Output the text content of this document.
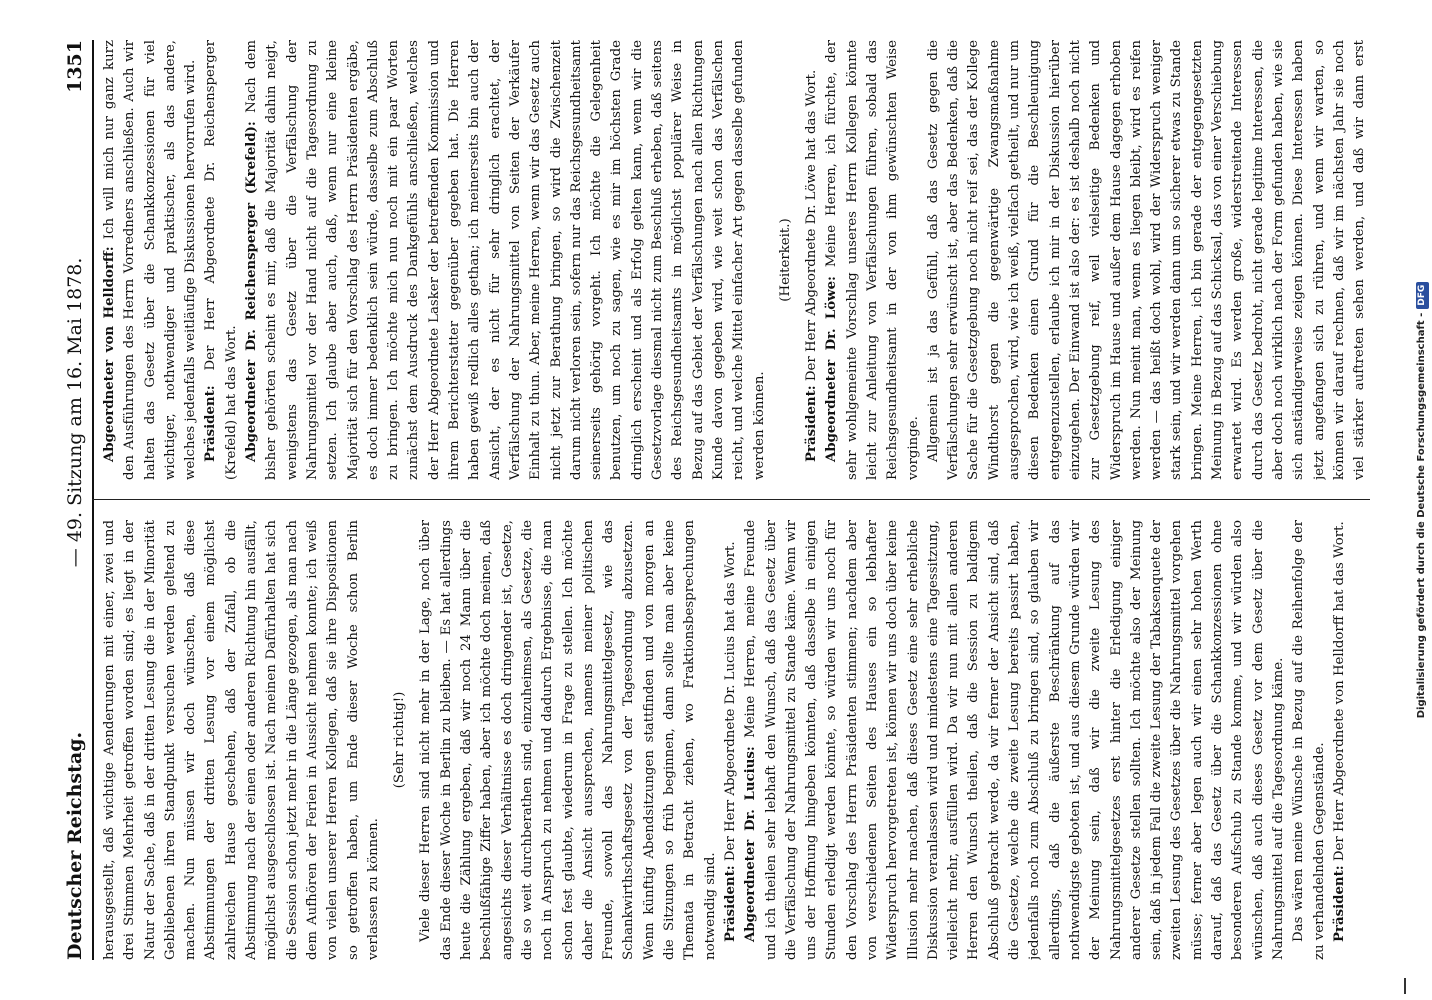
Deutscher Reichstag.
— 49. Sitzung am 16. Mai 1878.
1351

herausgestellt, daß wichtige Aenderungen mit einer, zwei und drei Stimmen Mehrheit getroffen worden sind; es liegt in der Natur der Sache, daß in der dritten Lesung die in der Minorität Gebliebenen ihren Standpunkt versuchen werden geltend zu machen. Nun müssen wir doch wünschen, daß diese Abstimmungen der dritten Lesung vor einem möglichst zahlreichen Hause geschehen, daß der Zufall, ob die Abstimmung nach der einen oder anderen Richtung hin ausfällt, möglichst ausgeschlossen ist. Nach meinen Dafürhalten hat sich die Session schon jetzt mehr in die Länge gezogen, als man nach dem Aufhören der Ferien in Aussicht nehmen konnte; ich weiß von vielen unserer Herren Kollegen, daß sie ihre Dispositionen so getroffen haben, um Ende dieser Woche schon Berlin verlassen zu können.

(Sehr richtig!) Viele dieser Herren sind nicht mehr in der Lage, noch über das Ende dieser Woche in Berlin zu bleiben. — Es hat allerdings heute die Zählung ergeben, daß wir noch 24 Mann über die beschlußfähige Ziffer haben, aber ich möchte doch meinen, daß angesichts dieser Verhältnisse es doch dringender ist, Gesetze, die so weit durchberathen sind, einzuheimsen, als Gesetze, die noch in Anspruch zu nehmen und dadurch Ergebnisse, die man schon fest glaubte, wiederum in Frage zu stellen. Ich möchte daher die Ansicht aussprechen, namens meiner politischen Freunde, sowohl das Nahrungsmittelgesetz, wie das Schankwirthschaftsgesetz von der Tagesordnung abzusetzen. Wenn künftig Abendsitzungen stattfinden und von morgen an die Sitzungen so früh beginnen, dann sollte man aber keine Themata in Betracht ziehen, wo Fraktionsbesprechungen notwendig sind. Präsident: Der Herr Abgeordnete Dr. Lucius hat das Wort. Abgeordneter Dr. Lucius: Meine Herren, meine Freunde und ich theilen sehr lebhaft den Wunsch, daß das Gesetz über die Verfälschung der Nahrungsmittel zu Stande käme. Wenn wir uns der Hoffnung hingeben könnten, daß dasselbe in einigen Stunden erledigt werden könnte, so würden wir uns noch für den Vorschlag des Herrn Präsidenten stimmen; nachdem aber von verschiedenen Seiten des Hauses ein so lebhafter Widerspruch hervorgetreten ist, können wir uns doch über keine Illusion mehr machen, daß dieses Gesetz eine sehr erhebliche Diskussion veranlassen wird und mindestens eine Tagessitzung, vielleicht mehr, ausfüllen wird. Da wir nun mit allen anderen Herren den Wunsch theilen, daß die Session zu baldigem Abschluß gebracht werde, da wir ferner der Ansicht sind, daß die Gesetze, welche die zweite Lesung bereits passirt haben, jedenfalls noch zum Abschluß zu bringen sind, so glauben wir allerdings, daß die äußerste Beschränkung auf das nothwendigste geboten ist, und aus diesem Grunde würden wir der Meinung sein, daß wir die zweite Lesung des Nahrungsmittelgesetzes erst hinter die Erledigung einiger anderer Gesetze stellen sollten. Ich möchte also der Meinung sein, daß in jedem Fall die zweite Lesung der Tabaksenquete der zweiten Lesung des Gesetzes über die Nahrungsmittel vorgehen müsse; ferner aber legen auch wir einen sehr hohen Werth darauf, daß das Gesetz über die Schankkonzessionen ohne besonderen Aufschub zu Stande komme, und wir würden also wünschen, daß auch dieses Gesetz vor dem Gesetz über die Nahrungsmittel auf die Tagesordnung käme. Das wären meine Wünsche in Bezug auf die Reihenfolge der zu verhandelnden Gegenstände. Präsident: Der Herr Abgeordnete von Helldorff hat das Wort.

Abgeordneter von Helldorff: Ich will mich nur ganz kurz den Ausführungen des Herrn Vorredners anschließen. Auch wir halten das Gesetz über die Schankkonzessionen für viel wichtiger, nothwendiger und praktischer, als das andere, welches jedenfalls weitläufige Diskussionen hervorrufen wird. Präsident: Der Herr Abgeordnete Dr. Reichensperger (Krefeld) hat das Wort. Abgeordneter Dr. Reichensperger (Krefeld): Nach dem bisher gehörten scheint es mir, daß die Majorität dahin neigt, wenigstens das Gesetz über die Verfälschung der Nahrungsmittel vor der Hand nicht auf die Tagesordnung zu setzen. Ich glaube aber auch, daß, wenn nur eine kleine Majorität sich für den Vorschlag des Herrn Präsidenten ergäbe, es doch immer bedenklich sein würde, dasselbe zum Abschluß zu bringen. Ich möchte mich nun noch mit ein paar Worten zunächst dem Ausdruck des Dankgefühls anschließen, welches der Herr Abgeordnete Lasker der betreffenden Kommission und ihrem Berichterstatter gegenüber gegeben hat. Die Herren haben gewiß redlich alles gethan; ich meinerseits bin auch der Ansicht, der es nicht für sehr dringlich erachtet, der Verfälschung der Nahrungsmittel von Seiten der Verkäufer Einhalt zu thun. Aber, meine Herren, wenn wir das Gesetz auch nicht jetzt zur Berathung bringen, so wird die Zwischenzeit darum nicht verloren sein, sofern nur das Reichsgesundheitsamt seinerseits gehörig vorgeht. Ich möchte die Gelegenheit benutzen, um noch zu sagen, wie es mir im höchsten Grade dringlich erscheint und als Erfolg gelten kann, wenn wir die Gesetzvorlage diesmal nicht zum Beschluß erheben, daß seitens des Reichsgesundheitsamts in möglichst populärer Weise in Bezug auf das Gebiet der Verfälschungen nach allen Richtungen Kunde davon gegeben wird, wie weit schon das Verfälschen reicht, und welche Mittel einfacher Art gegen dasselbe gefunden werden können.

(Heiterkeit.)

Präsident: Der Herr Abgeordnete Dr. Löwe hat das Wort. Abgeordneter Dr. Löwe: Meine Herren, ich fürchte, der sehr wohlgemeinte Vorschlag unseres Herrn Kollegen könnte leicht zur Anleitung von Verfälschungen führen, sobald das Reichsgesundheitsamt in der von ihm gewünschten Weise vorginge. Allgemein ist ja das Gefühl, daß das Gesetz gegen die Verfälschungen sehr erwünscht ist, aber das Bedenken, daß die Sache für die Gesetzgebung noch nicht reif sei, das der Kollege Windthorst gegen die gegenwärtige Zwangsmaßnahme ausgesprochen, wird, wie ich weiß, vielfach getheilt, und nur um diesen Bedenken einen Grund für die Beschleunigung entgegenzustellen, erlaube ich mir in der Diskussion hierüber einzugehen. Der Einwand ist also der: es ist deshalb noch nicht zur Gesetzgebung reif, weil vielseitige Bedenken und Widerspruch im Hause und außer dem Hause dagegen erhoben werden. Nun meint man, wenn es liegen bleibt, wird es reifen werden — das heißt doch wohl, wird der Widerspruch weniger stark sein, und wir werden dann um so sicherer etwas zu Stande bringen. Meine Herren, ich bin gerade der entgegengesetzten Meinung in Bezug auf das Schicksal, das von einer Verschiebung erwartet wird. Es werden große, widerstreitende Interessen durch das Gesetz bedroht, nicht gerade legitime Interessen, die aber doch noch wirklich nach der Form gefunden haben, wie sie sich anständigerweise zeigen können. Diese Interessen haben jetzt angefangen sich zu rühren, und wenn wir warten, so können wir darauf rechnen, daß wir im nächsten Jahr sie noch viel stärker auftreten sehen werden, und daß wir dann erst

Digitalisierung gefördert durch die Deutsche Forschungsgemeinschaft -
DFG
